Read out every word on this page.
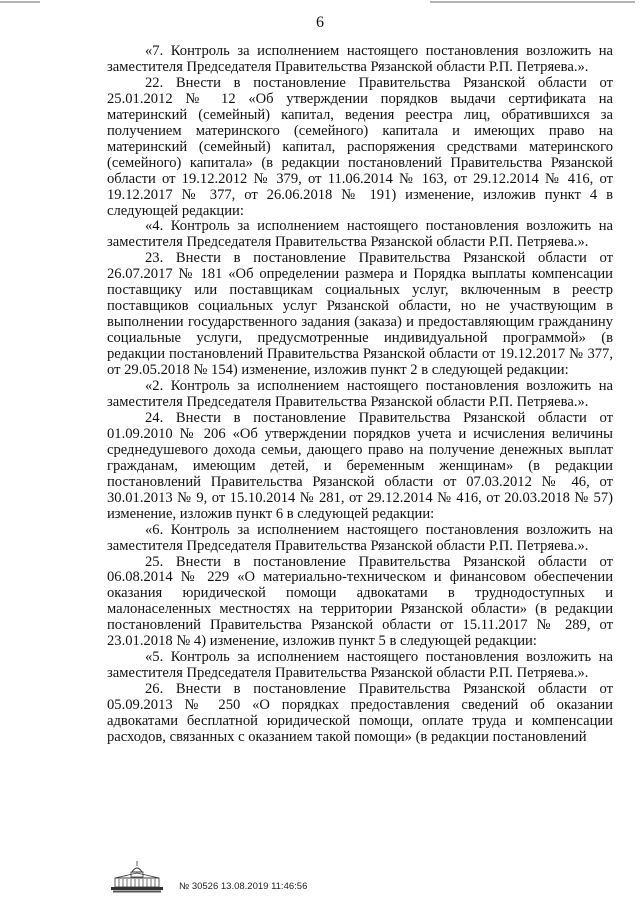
6

«7. Контроль за исполнением настоящего постановления возложить на заместителя Председателя Правительства Рязанской области Р.П. Петряева.».

22. Внести в постановление Правительства Рязанской области от 25.01.2012 № 12 «Об утверждении порядков выдачи сертификата на материнский (семейный) капитал, ведения реестра лиц, обратившихся за получением материнского (семейного) капитала и имеющих право на материнский (семейный) капитал, распоряжения средствами материнского (семейного) капитала» (в редакции постановлений Правительства Рязанской области от 19.12.2012 № 379, от 11.06.2014 № 163, от 29.12.2014 № 416, от 19.12.2017 № 377, от 26.06.2018 № 191) изменение, изложив пункт 4 в следующей редакции:

«4. Контроль за исполнением настоящего постановления возложить на заместителя Председателя Правительства Рязанской области Р.П. Петряева.».

23. Внести в постановление Правительства Рязанской области от 26.07.2017 № 181 «Об определении размера и Порядка выплаты компенсации поставщику или поставщикам социальных услуг, включенным в реестр поставщиков социальных услуг Рязанской области, но не участвующим в выполнении государственного задания (заказа) и предоставляющим гражданину социальные услуги, предусмотренные индивидуальной программой» (в редакции постановлений Правительства Рязанской области от 19.12.2017 № 377, от 29.05.2018 № 154) изменение, изложив пункт 2 в следующей редакции:

«2. Контроль за исполнением настоящего постановления возложить на заместителя Председателя Правительства Рязанской области Р.П. Петряева.».

24. Внести в постановление Правительства Рязанской области от 01.09.2010 № 206 «Об утверждении порядков учета и исчисления величины среднедушевого дохода семьи, дающего право на получение денежных выплат гражданам, имеющим детей, и беременным женщинам» (в редакции постановлений Правительства Рязанской области от 07.03.2012 № 46, от 30.01.2013 № 9, от 15.10.2014 № 281, от 29.12.2014 № 416, от 20.03.2018 № 57) изменение, изложив пункт 6 в следующей редакции:

«6. Контроль за исполнением настоящего постановления возложить на заместителя Председателя Правительства Рязанской области Р.П. Петряева.».

25. Внести в постановление Правительства Рязанской области от 06.08.2014 № 229 «О материально-техническом и финансовом обеспечении оказания юридической помощи адвокатами в труднодоступных и малонаселенных местностях на территории Рязанской области» (в редакции постановлений Правительства Рязанской области от 15.11.2017 № 289, от 23.01.2018 № 4) изменение, изложив пункт 5 в следующей редакции:

«5. Контроль за исполнением настоящего постановления возложить на заместителя Председателя Правительства Рязанской области Р.П. Петряева.».

26. Внести в постановление Правительства Рязанской области от 05.09.2013 № 250 «О порядках предоставления сведений об оказании адвокатами бесплатной юридической помощи, оплате труда и компенсации расходов, связанных с оказанием такой помощи» (в редакции постановлений

№ 30526 13.08.2019 11:46:56
